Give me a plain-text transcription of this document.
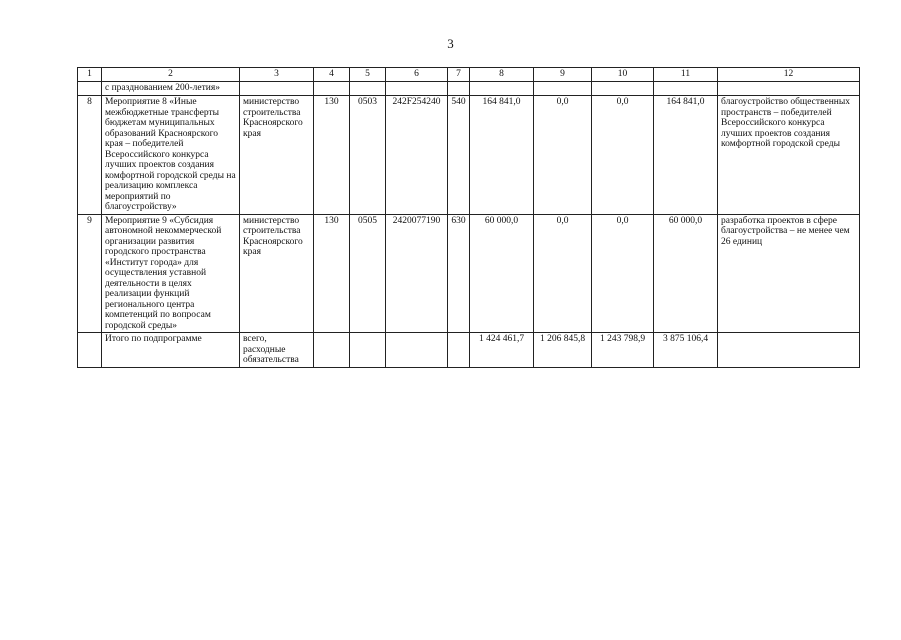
3
1	2	3	4	5	6	7	8	9	10	11	12
	с празднованием 200-летия»										
8	Мероприятие 8 «Иные межбюджетные трансферты бюджетам муниципальных образований Красноярского края – победителей Всероссийского конкурса лучших проектов создания комфортной городской среды на реализацию комплекса мероприятий по благоустройству»	министерство строительства Красноярского края	130	0503	242F254240	540	164 841,0	0,0	0,0	164 841,0	благоустройство общественных пространств – победителей Всероссийского конкурса лучших проектов создания комфортной городской среды
9	Мероприятие 9 «Субсидия автономной некоммерческой организации развития городского пространства «Институт города» для осуществления уставной деятельности в целях реализации функций регионального центра компетенций по вопросам городской среды»	министерство строительства Красноярского края	130	0505	2420077190	630	60 000,0	0,0	0,0	60 000,0	разработка проектов в сфере благоустройства – не менее чем 26 единиц
	Итого по подпрограмме	всего, расходные обязательства					1 424 461,7	1 206 845,8	1 243 798,9	3 875 106,4	
